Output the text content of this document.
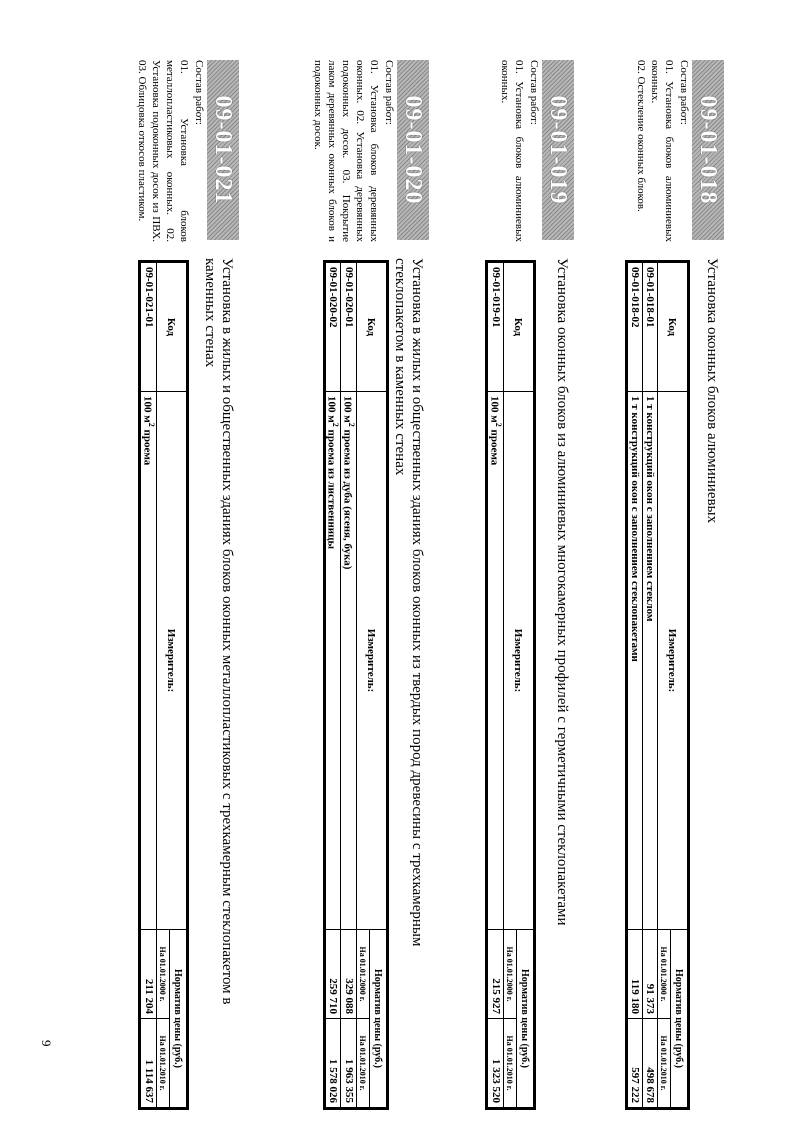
09-01-018
Установка оконных блоков алюминиевых
Состав работ:
01. Установка блоков алюминиевых оконных.
02. Остекление оконных блоков.
Код	Измеритель:	Норматив цены (руб.)	
		На 01.01.2000 г.	На 01.01.2010 г.
09-01-018-01	1 т конструкций окон с заполнением стеклом	91 373	498 678
09-01-018-02	1 т конструкций окон с заполнением стеклопакетами	119 180	597 222
09-01-019
Установка оконных блоков из алюминиевых многокамерных профилей с герметичными стеклопакетами
Состав работ:
01. Установка блоков алюминиевых оконных.
Код	Измеритель:	Норматив цены (руб.)	
		На 01.01.2000 г.	На 01.01.2010 г.
09-01-019-01	100 $м^2$ проема	215 927	1 323 520
09-01-020
Установка в жилых и общественных зданиях блоков оконных из твердых пород древесины с трехкамерным стеклопакетом в каменных стенах
Состав работ:
01. Установка блоков деревянных оконных. 02. Установка деревянных подоконных досок. 03. Покрытие лаком деревянных оконных блоков и подоконных досок.
Код	Измеритель:	Норматив цены (руб.)	
		На 01.01.2000 г.	На 01.01.2010 г.
09-01-020-01	100 $м^2$ проема из дуба (ясеня, бука)	329 088	1 963 355
09-01-020-02	100 $м^2$ проема из лиственницы	259 710	1 578 026
09-01-021
Установка в жилых и общественных зданиях блоков оконных металлопластиковых с трехкамерным стеклопакетом в каменных стенах
Состав работ:
01. Установка блоков металлопластиковых оконных. 02. Установка подоконных досок из ПВХ. 03. Облицовка откосов пластиком.
Код	Измеритель:	Норматив цены (руб.)	
		На 01.01.2000 г.	На 01.01.2010 г.
09-01-021-01	100 $м^2$ проема	211 204	1 114 637
9
